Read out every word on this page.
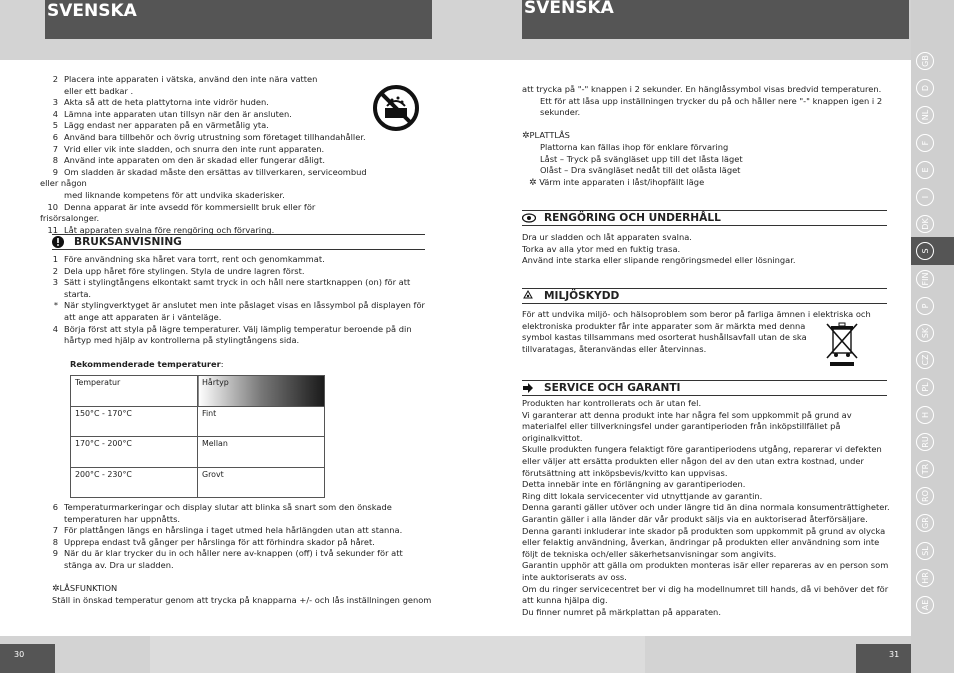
SVENSKA
2 Placera inte apparaten i vätska, använd den inte nära vatten
eller ett badkar .
3 Akta så att de heta plattytorna inte vidrör huden.
4 Lämna inte apparaten utan tillsyn när den är ansluten.
5 Lägg endast ner apparaten på en värmetålig yta.
6 Använd bara tillbehör och övrig utrustning som företaget tillhandahåller.
7 Vrid eller vik inte sladden, och snurra den inte runt apparaten.
8 Använd inte apparaten om den är skadad eller fungerar dåligt.
9 Om sladden är skadad måste den ersättas av tillverkaren, serviceombud eller någon
med liknande kompetens för att undvika skaderisker.
10 Denna apparat är inte avsedd för kommersiellt bruk eller för frisörsalonger.
11 Låt apparaten svalna före rengöring och förvaring.
BRUKSANVISNING
1 Före användning ska håret vara torrt, rent och genomkammat.
2 Dela upp håret före stylingen. Styla de undre lagren först.
3 Sätt i stylingtångens elkontakt samt tryck in och håll nere startknappen (on) för att
starta.
* När stylingverktyget är anslutet men inte påslaget visas en låssymbol på displayen för
att ange att apparaten är i vänteläge.
4 Börja först att styla på lägre temperaturer. Välj lämplig temperatur beroende på din
hårtyp med hjälp av kontrollerna på stylingtångens sida.
Rekommenderade temperaturer:
Temperatur	Hårtyp
150°C - 170°C	Fint
170°C - 200°C	Mellan
200°C - 230°C	Grovt
6 Temperaturmarkeringar och display slutar att blinka så snart som den önskade
temperaturen har uppnåtts.
7 För plattången längs en hårslinga i taget utmed hela hårlängden utan att stanna.
8 Upprepa endast två gånger per hårslinga för att förhindra skador på håret.
9 När du är klar trycker du in och håller nere av-knappen (off) i två sekunder för att
stänga av. Dra ur sladden.
✲LÅSFUNKTION
Ställ in önskad temperatur genom att trycka på knapparna +/- och lås inställningen genom
30
SVENSKA
att trycka på "-" knappen i 2 sekunder. En hänglåssymbol visas bredvid temperaturen.
Ett för att låsa upp inställningen trycker du på och håller nere "-" knappen igen i 2
sekunder.
✲PLATTLÅS
Plattorna kan fällas ihop för enklare förvaring
Låst – Tryck på svängläset upp till det låsta läget
Olåst – Dra svängläset nedåt till det olåsta läget
✲ Värm inte apparaten i låst/ihopfällt läge
RENGÖRING OCH UNDERHÅLL
Dra ur sladden och låt apparaten svalna.
Torka av alla ytor med en fuktig trasa.
Använd inte starka eller slipande rengöringsmedel eller lösningar.
MILJÖSKYDD
För att undvika miljö- och hälsoproblem som beror på farliga ämnen i elektriska och
elektroniska produkter får inte apparater som är märkta med denna
symbol kastas tillsammans med osorterat hushållsavfall utan de ska
tillvaratagas, återanvändas eller återvinnas.
SERVICE OCH GARANTI
Produkten har kontrollerats och är utan fel.
Vi garanterar att denna produkt inte har några fel som uppkommit på grund av
materialfel eller tillverkningsfel under garantiperioden från inköpstillfället på
originalkvittot.
Skulle produkten fungera felaktigt före garantiperiodens utgång, reparerar vi defekten
eller väljer att ersätta produkten eller någon del av den utan extra kostnad, under
förutsättning att inköpsbevis/kvitto kan uppvisas.
Detta innebär inte en förlängning av garantiperioden.
Ring ditt lokala servicecenter vid utnyttjande av garantin.
Denna garanti gäller utöver och under längre tid än dina normala konsumenträttigheter.
Garantin gäller i alla länder där vår produkt säljs via en auktoriserad återförsäljare.
Denna garanti inkluderar inte skador på produkten som uppkommit på grund av olycka
eller felaktig användning, åverkan, ändringar på produkten eller användning som inte
följt de tekniska och/eller säkerhetsanvisningar som angivits.
Garantin upphör att gälla om produkten monteras isär eller repareras av en person som
inte auktoriserats av oss.
Om du ringer servicecentret ber vi dig ha modellnumret till hands, då vi behöver det för
att kunna hjälpa dig.
Du finner numret på märkplattan på apparaten.
31
GB
D
NL
F
E
I
DK
S
FIN
P
SK
CZ
PL
H
RU
TR
RO
GR
SL
HR
AE
